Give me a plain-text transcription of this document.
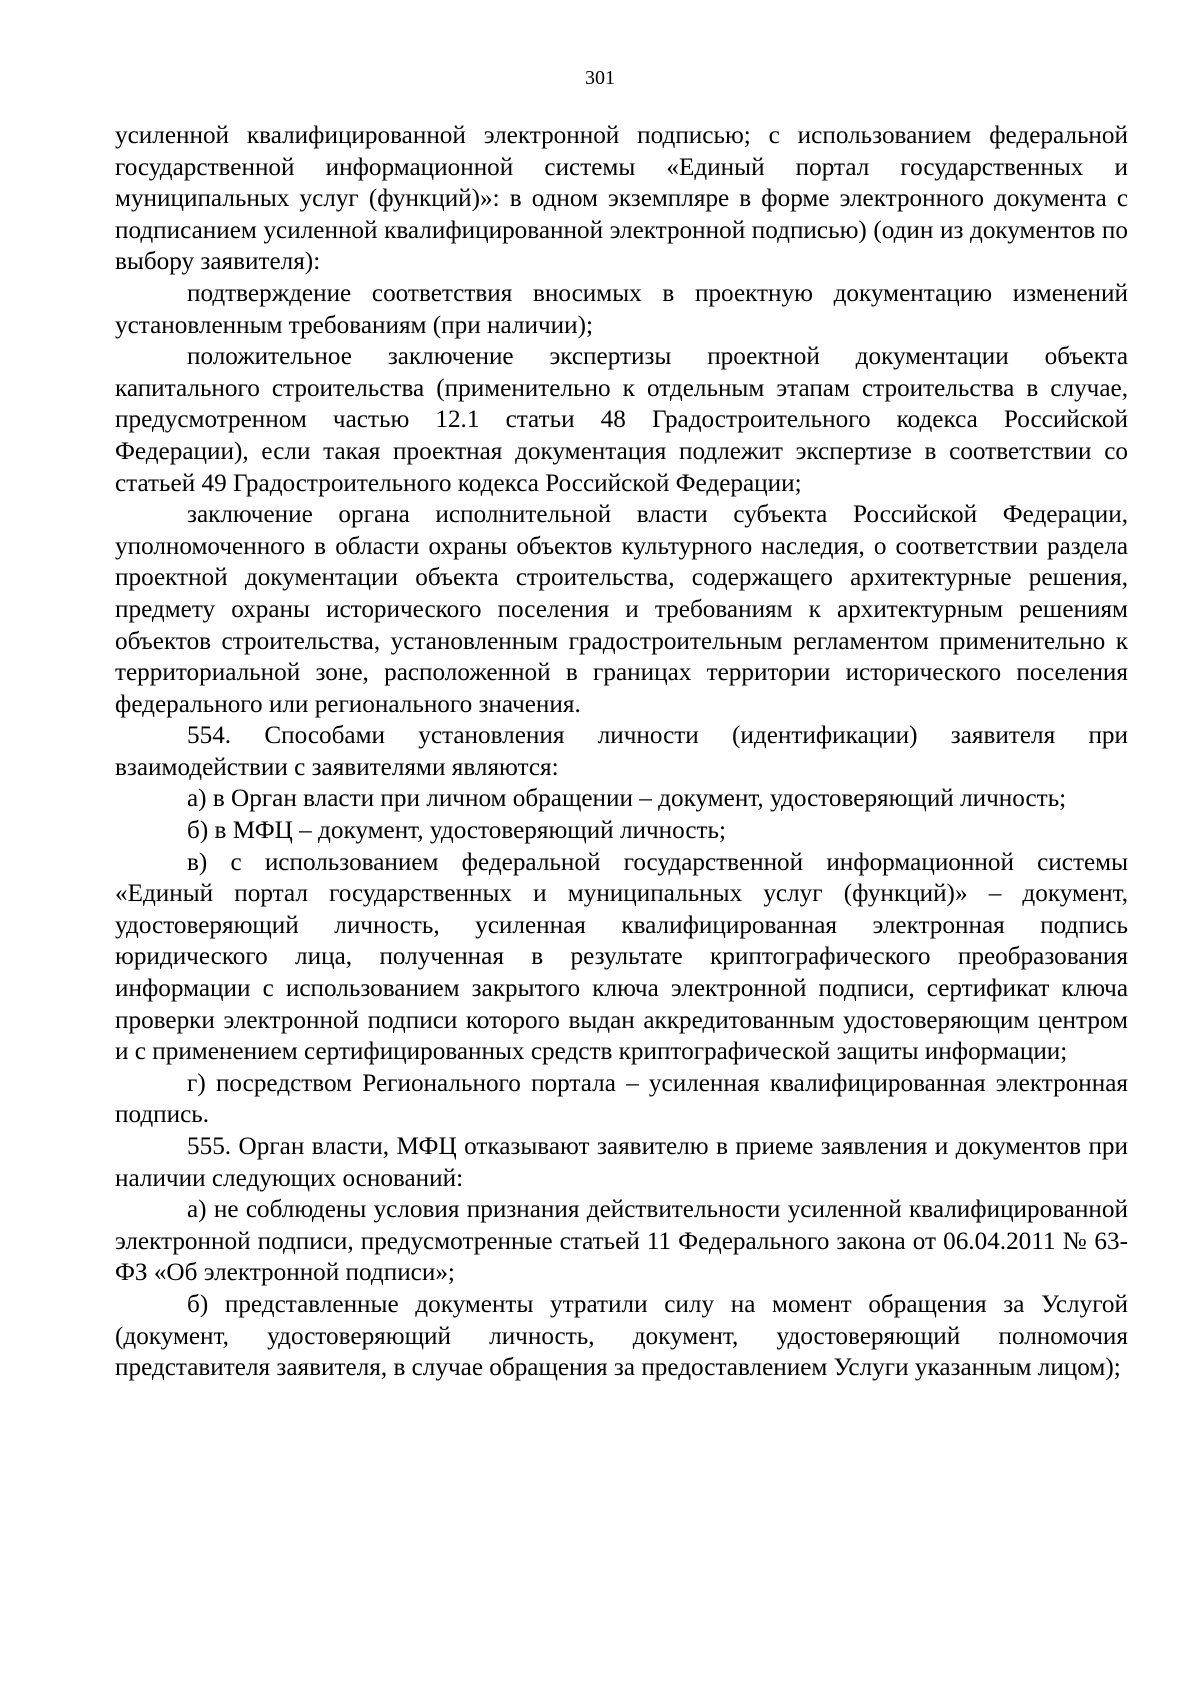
301

усиленной квалифицированной электронной подписью; с использованием федеральной государственной информационной системы «Единый портал государственных и муниципальных услуг (функций)»: в одном экземпляре в форме электронного документа с подписанием усиленной квалифицированной электронной подписью) (один из документов по выбору заявителя):

подтверждение соответствия вносимых в проектную документацию изменений установленным требованиям (при наличии);

положительное заключение экспертизы проектной документации объекта капитального строительства (применительно к отдельным этапам строительства в случае, предусмотренном частью 12.1 статьи 48 Градостроительного кодекса Российской Федерации), если такая проектная документация подлежит экспертизе в соответствии со статьей 49 Градостроительного кодекса Российской Федерации;

заключение органа исполнительной власти субъекта Российской Федерации, уполномоченного в области охраны объектов культурного наследия, о соответствии раздела проектной документации объекта строительства, содержащего архитектурные решения, предмету охраны исторического поселения и требованиям к архитектурным решениям объектов строительства, установленным градостроительным регламентом применительно к территориальной зоне, расположенной в границах территории исторического поселения федерального или регионального значения.

554. Способами установления личности (идентификации) заявителя при взаимодействии с заявителями являются:

а) в Орган власти при личном обращении – документ, удостоверяющий личность;

б) в МФЦ – документ, удостоверяющий личность;

в) с использованием федеральной государственной информационной системы «Единый портал государственных и муниципальных услуг (функций)» – документ, удостоверяющий личность, усиленная квалифицированная электронная подпись юридического лица, полученная в результате криптографического преобразования информации с использованием закрытого ключа электронной подписи, сертификат ключа проверки электронной подписи которого выдан аккредитованным удостоверяющим центром и с применением сертифицированных средств криптографической защиты информации;

г) посредством Регионального портала – усиленная квалифицированная электронная подпись.

555. Орган власти, МФЦ отказывают заявителю в приеме заявления и документов при наличии следующих оснований:

а) не соблюдены условия признания действительности усиленной квалифицированной электронной подписи, предусмотренные статьей 11 Федерального закона от 06.04.2011 № 63-ФЗ «Об электронной подписи»;

б) представленные документы утратили силу на момент обращения за Услугой (документ, удостоверяющий личность, документ, удостоверяющий полномочия представителя заявителя, в случае обращения за предоставлением Услуги указанным лицом);
